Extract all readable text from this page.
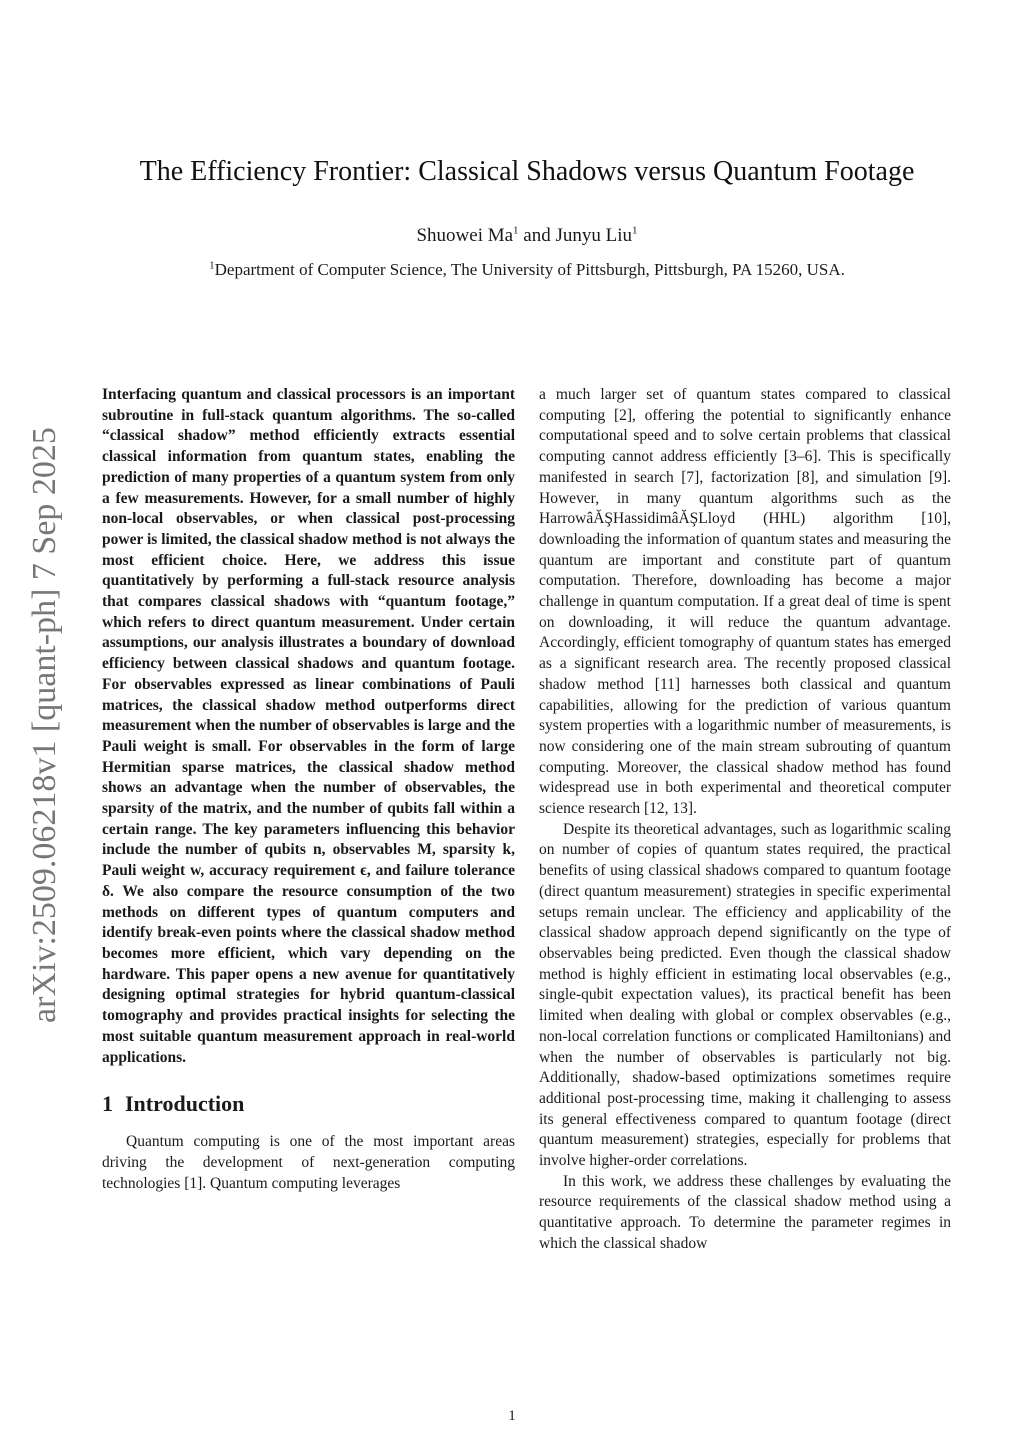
arXiv:2509.06218v1 [quant-ph] 7 Sep 2025
The Efficiency Frontier: Classical Shadows versus Quantum Footage
Shuowei Ma$^1$ and Junyu Liu$^1$
$^1$Department of Computer Science, The University of Pittsburgh, Pittsburgh, PA 15260, USA.

Interfacing quantum and classical processors is an important subroutine in full-stack quantum algorithms. The so-called “classical shadow” method efficiently extracts essential classical information from quantum states, enabling the prediction of many properties of a quantum system from only a few measurements. However, for a small number of highly non-local observables, or when classical post-processing power is limited, the classical shadow method is not always the most efficient choice. Here, we address this issue quantitatively by performing a full-stack resource analysis that compares classical shadows with “quantum footage,” which refers to direct quantum measurement. Under certain assumptions, our analysis illustrates a boundary of download efficiency between classical shadows and quantum footage. For observables expressed as linear combinations of Pauli matrices, the classical shadow method outperforms direct measurement when the number of observables is large and the Pauli weight is small. For observables in the form of large Hermitian sparse matrices, the classical shadow method shows an advantage when the number of observables, the sparsity of the matrix, and the number of qubits fall within a certain range. The key parameters influencing this behavior include the number of qubits n, observables M, sparsity k, Pauli weight w, accuracy requirement ϵ, and failure tolerance δ. We also compare the resource consumption of the two methods on different types of quantum computers and identify break-even points where the classical shadow method becomes more efficient, which vary depending on the hardware. This paper opens a new avenue for quantitatively designing optimal strategies for hybrid quantum-classical tomography and provides practical insights for selecting the most suitable quantum measurement approach in real-world applications.

1 Introduction

Quantum computing is one of the most important areas driving the development of next-generation computing technologies [1]. Quantum computing leverages

a much larger set of quantum states compared to classical computing [2], offering the potential to significantly enhance computational speed and to solve certain problems that classical computing cannot address efficiently [3–6]. This is specifically manifested in search [7], factorization [8], and simulation [9]. However, in many quantum algorithms such as the HarrowâĂŞHassidimâĂŞLloyd (HHL) algorithm [10], downloading the information of quantum states and measuring the quantum are important and constitute part of quantum computation. Therefore, downloading has become a major challenge in quantum computation. If a great deal of time is spent on downloading, it will reduce the quantum advantage. Accordingly, efficient tomography of quantum states has emerged as a significant research area. The recently proposed classical shadow method [11] harnesses both classical and quantum capabilities, allowing for the prediction of various quantum system properties with a logarithmic number of measurements, is now considering one of the main stream subrouting of quantum computing. Moreover, the classical shadow method has found widespread use in both experimental and theoretical computer science research [12, 13].

Despite its theoretical advantages, such as logarithmic scaling on number of copies of quantum states required, the practical benefits of using classical shadows compared to quantum footage (direct quantum measurement) strategies in specific experimental setups remain unclear. The efficiency and applicability of the classical shadow approach depend significantly on the type of observables being predicted. Even though the classical shadow method is highly efficient in estimating local observables (e.g., single-qubit expectation values), its practical benefit has been limited when dealing with global or complex observables (e.g., non-local correlation functions or complicated Hamiltonians) and when the number of observables is particularly not big. Additionally, shadow-based optimizations sometimes require additional post-processing time, making it challenging to assess its general effectiveness compared to quantum footage (direct quantum measurement) strategies, especially for problems that involve higher-order correlations.

In this work, we address these challenges by evaluating the resource requirements of the classical shadow method using a quantitative approach. To determine the parameter regimes in which the classical shadow

1
